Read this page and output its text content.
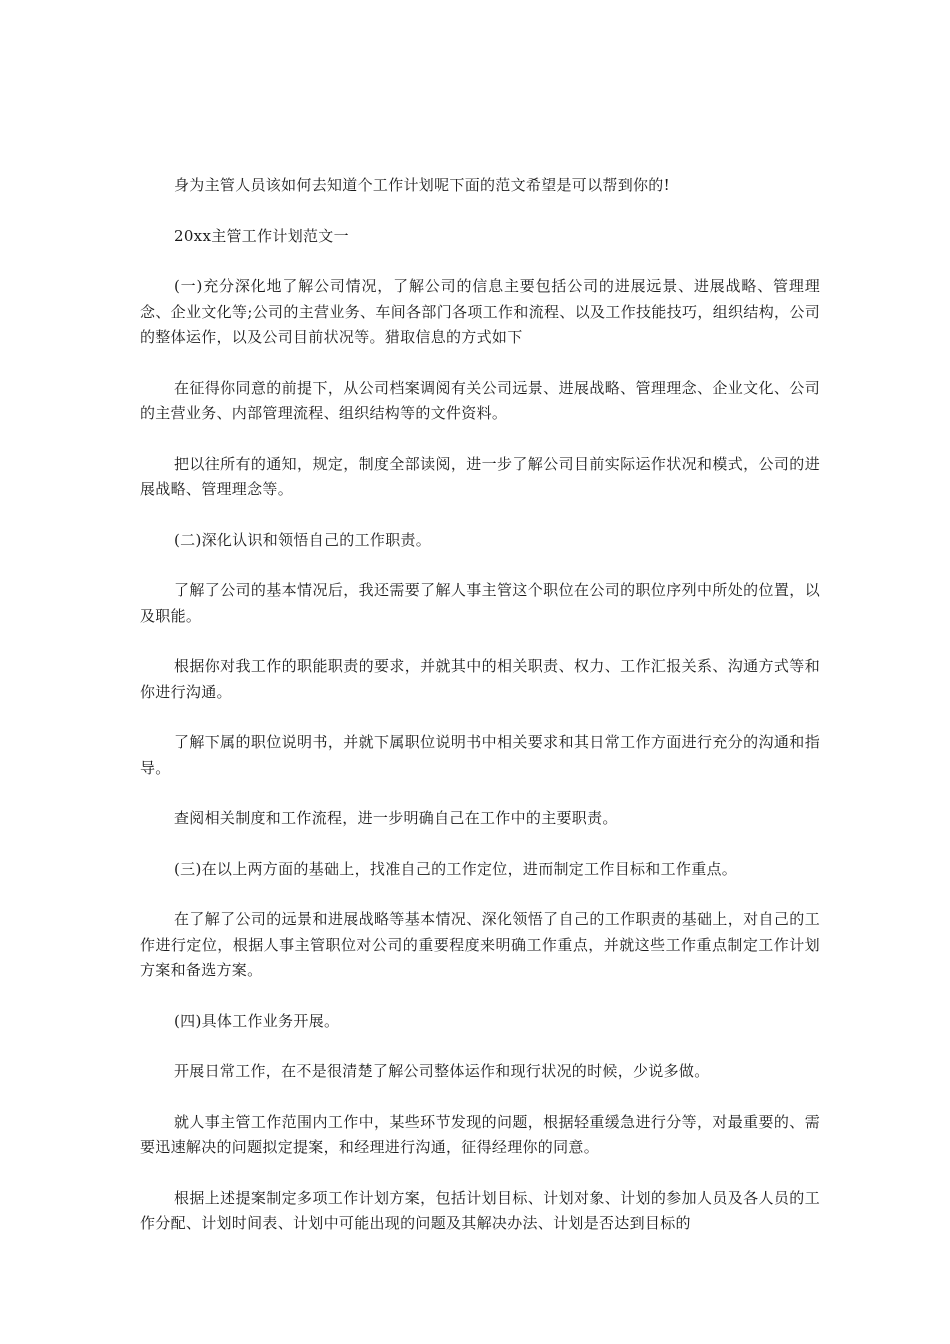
身为主管人员该如何去知道个工作计划呢下面的范文希望是可以帮到你的!

20xx主管工作计划范文一

(一)充分深化地了解公司情况，了解公司的信息主要包括公司的进展远景、进展战略、管理理念、企业文化等;公司的主营业务、车间各部门各项工作和流程、以及工作技能技巧，组织结构，公司的整体运作，以及公司目前状况等。猎取信息的方式如下

在征得你同意的前提下，从公司档案调阅有关公司远景、进展战略、管理理念、企业文化、公司的主营业务、内部管理流程、组织结构等的文件资料。

把以往所有的通知，规定，制度全部读阅，进一步了解公司目前实际运作状况和模式，公司的进展战略、管理理念等。

(二)深化认识和领悟自己的工作职责。

了解了公司的基本情况后，我还需要了解人事主管这个职位在公司的职位序列中所处的位置，以及职能。

根据你对我工作的职能职责的要求，并就其中的相关职责、权力、工作汇报关系、沟通方式等和你进行沟通。

了解下属的职位说明书，并就下属职位说明书中相关要求和其日常工作方面进行充分的沟通和指导。

查阅相关制度和工作流程，进一步明确自己在工作中的主要职责。

(三)在以上两方面的基础上，找准自己的工作定位，进而制定工作目标和工作重点。

在了解了公司的远景和进展战略等基本情况、深化领悟了自己的工作职责的基础上，对自己的工作进行定位，根据人事主管职位对公司的重要程度来明确工作重点，并就这些工作重点制定工作计划方案和备选方案。

(四)具体工作业务开展。

开展日常工作，在不是很清楚了解公司整体运作和现行状况的时候，少说多做。

就人事主管工作范围内工作中，某些环节发现的问题，根据轻重缓急进行分等，对最重要的、需要迅速解决的问题拟定提案，和经理进行沟通，征得经理你的同意。

根据上述提案制定多项工作计划方案，包括计划目标、计划对象、计划的参加人员及各人员的工作分配、计划时间表、计划中可能出现的问题及其解决办法、计划是否达到目标的
